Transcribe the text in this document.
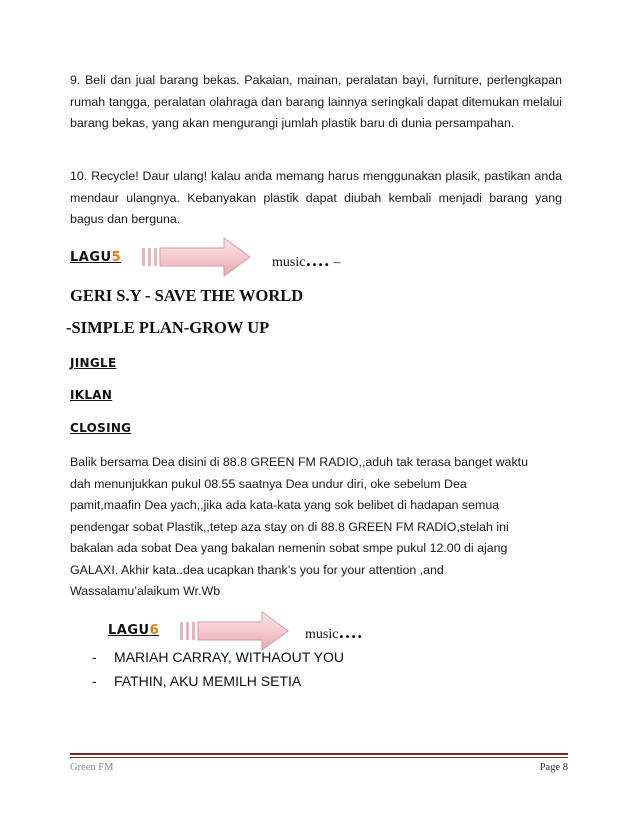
9. Beli dan jual barang bekas. Pakaian, mainan, peralatan bayi, furniture, perlengkapan rumah tangga, peralatan olahraga dan barang lainnya seringkali dapat ditemukan melalui barang bekas, yang akan mengurangi jumlah plastik baru di dunia persampahan.

10. Recycle! Daur ulang! kalau anda memang harus menggunakan plasik, pastikan anda mendaur ulangnya. Kebanyakan plastik dapat diubah kembali menjadi barang yang bagus dan berguna.

LAGU5	music…. –
GERI S.Y - SAVE THE WORLD
-SIMPLE PLAN-GROW UP
JINGLE
IKLAN
CLOSING
Balik bersama Dea disini di 88.8 GREEN FM RADIO,,aduh tak terasa banget waktu
dah menunjukkan pukul 08.55 saatnya Dea undur diri, oke sebelum Dea
pamit,maafin Dea yach,,jika ada kata-kata yang sok belibet di hadapan semua
pendengar sobat Plastik,,tetep aza stay on di 88.8 GREEN FM RADIO,stelah ini
bakalan ada sobat Dea yang bakalan nemenin sobat smpe pukul 12.00 di ajang
GALAXI. Akhir kata..dea ucapkan thank’s you for your attention ,and
Wassalamu’alaikum Wr.Wb
LAGU6	music….
- MARIAH CARRAY, WITHAOUT YOU
- FATHIN, AKU MEMILH SETIA
Green FM	Page 8
